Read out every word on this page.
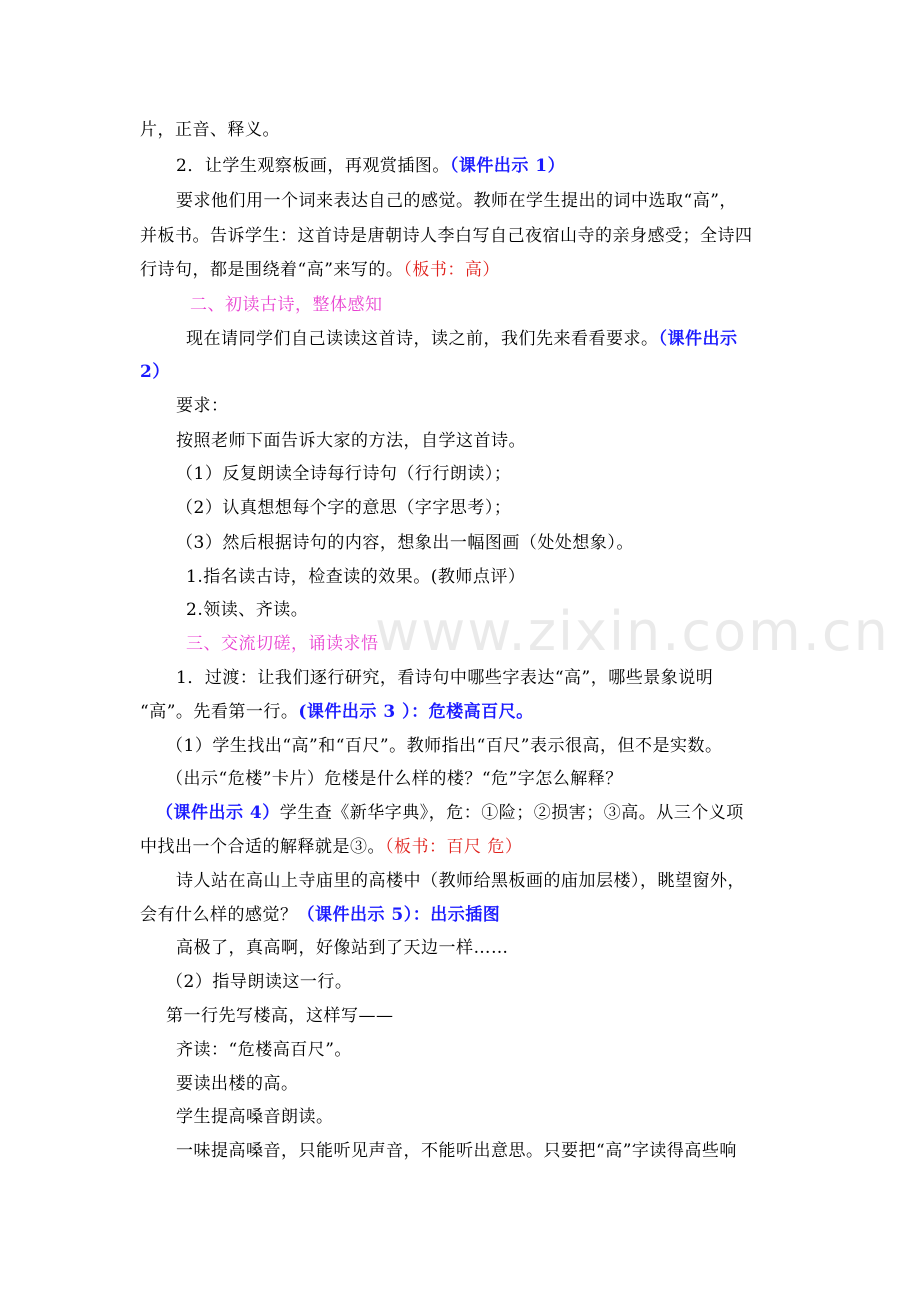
片，正音、释义。
2．让学生观察板画，再观赏插图。（课件出示 1）
要求他们用一个词来表达自己的感觉。教师在学生提出的词中选取“高”，
并板书。告诉学生：这首诗是唐朝诗人李白写自己夜宿山寺的亲身感受；全诗四
行诗句，都是围绕着“高”来写的。（板书：高）
二、初读古诗，整体感知
现在请同学们自己读读这首诗，读之前，我们先来看看要求。（课件出示
2）
要求：
按照老师下面告诉大家的方法，自学这首诗。
（1）反复朗读全诗每行诗句（行行朗读）；
（2）认真想想每个字的意思（字字思考）；
（3）然后根据诗句的内容，想象出一幅图画（处处想象）。
1.指名读古诗，检查读的效果。(教师点评）
2.领读、齐读。
三、交流切磋，诵读求悟
1．过渡：让我们逐行研究，看诗句中哪些字表达“高”，哪些景象说明
“高”。先看第一行。(课件出示 3 ）：危楼高百尺。
（1）学生找出“高”和“百尺”。教师指出“百尺”表示很高，但不是实数。
（出示“危楼”卡片）危楼是什么样的楼？“危”字怎么解释？
（课件出示 4）学生查《新华字典》，危：①险；②损害；③高。从三个义项
中找出一个合适的解释就是③。（板书：百尺 危）
诗人站在高山上寺庙里的高楼中（教师给黑板画的庙加层楼），眺望窗外，
会有什么样的感觉？（课件出示 5）：出示插图
高极了，真高啊，好像站到了天边一样……
（2）指导朗读这一行。
第一行先写楼高，这样写——
齐读：“危楼高百尺”。
要读出楼的高。
学生提高嗓音朗读。
一味提高嗓音，只能听见声音，不能听出意思。只要把“高”字读得高些响
www.zixin.com.cn
